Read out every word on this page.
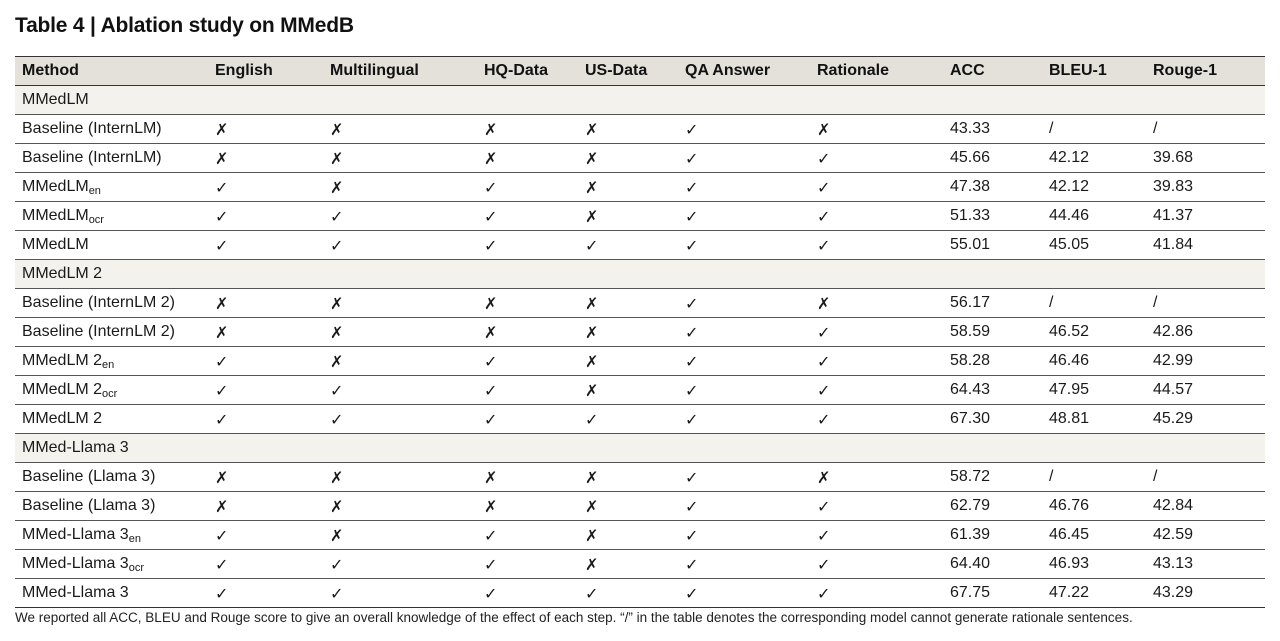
Table 4 | Ablation study on MMedB
Method	English	Multilingual	HQ-Data	US-Data	QA Answer	Rationale	ACC	BLEU-1	Rouge-1
MMedLM									
Baseline (InternLM)	✗	✗	✗	✗	✓	✗	43.33	/	/
Baseline (InternLM)	✗	✗	✗	✗	✓	✓	45.66	42.12	39.68
MMedLM$_{en}$	✓	✗	✓	✗	✓	✓	47.38	42.12	39.83
MMedLM$_{ocr}$	✓	✓	✓	✗	✓	✓	51.33	44.46	41.37
MMedLM	✓	✓	✓	✓	✓	✓	55.01	45.05	41.84
MMedLM 2									
Baseline (InternLM 2)	✗	✗	✗	✗	✓	✗	56.17	/	/
Baseline (InternLM 2)	✗	✗	✗	✗	✓	✓	58.59	46.52	42.86
MMedLM $2_{en}$	✓	✗	✓	✗	✓	✓	58.28	46.46	42.99
MMedLM $2_{ocr}$	✓	✓	✓	✗	✓	✓	64.43	47.95	44.57
MMedLM 2	✓	✓	✓	✓	✓	✓	67.30	48.81	45.29
MMed-Llama 3									
Baseline (Llama 3)	✗	✗	✗	✗	✓	✗	58.72	/	/
Baseline (Llama 3)	✗	✗	✗	✗	✓	✓	62.79	46.76	42.84
MMed-Llama $3_{en}$	✓	✗	✓	✗	✓	✓	61.39	46.45	42.59
MMed-Llama $3_{ocr}$	✓	✓	✓	✗	✓	✓	64.40	46.93	43.13
MMed-Llama 3	✓	✓	✓	✓	✓	✓	67.75	47.22	43.29
We reported all ACC, BLEU and Rouge score to give an overall knowledge of the effect of each step. “/” in the table denotes the corresponding model cannot generate rationale sentences.
